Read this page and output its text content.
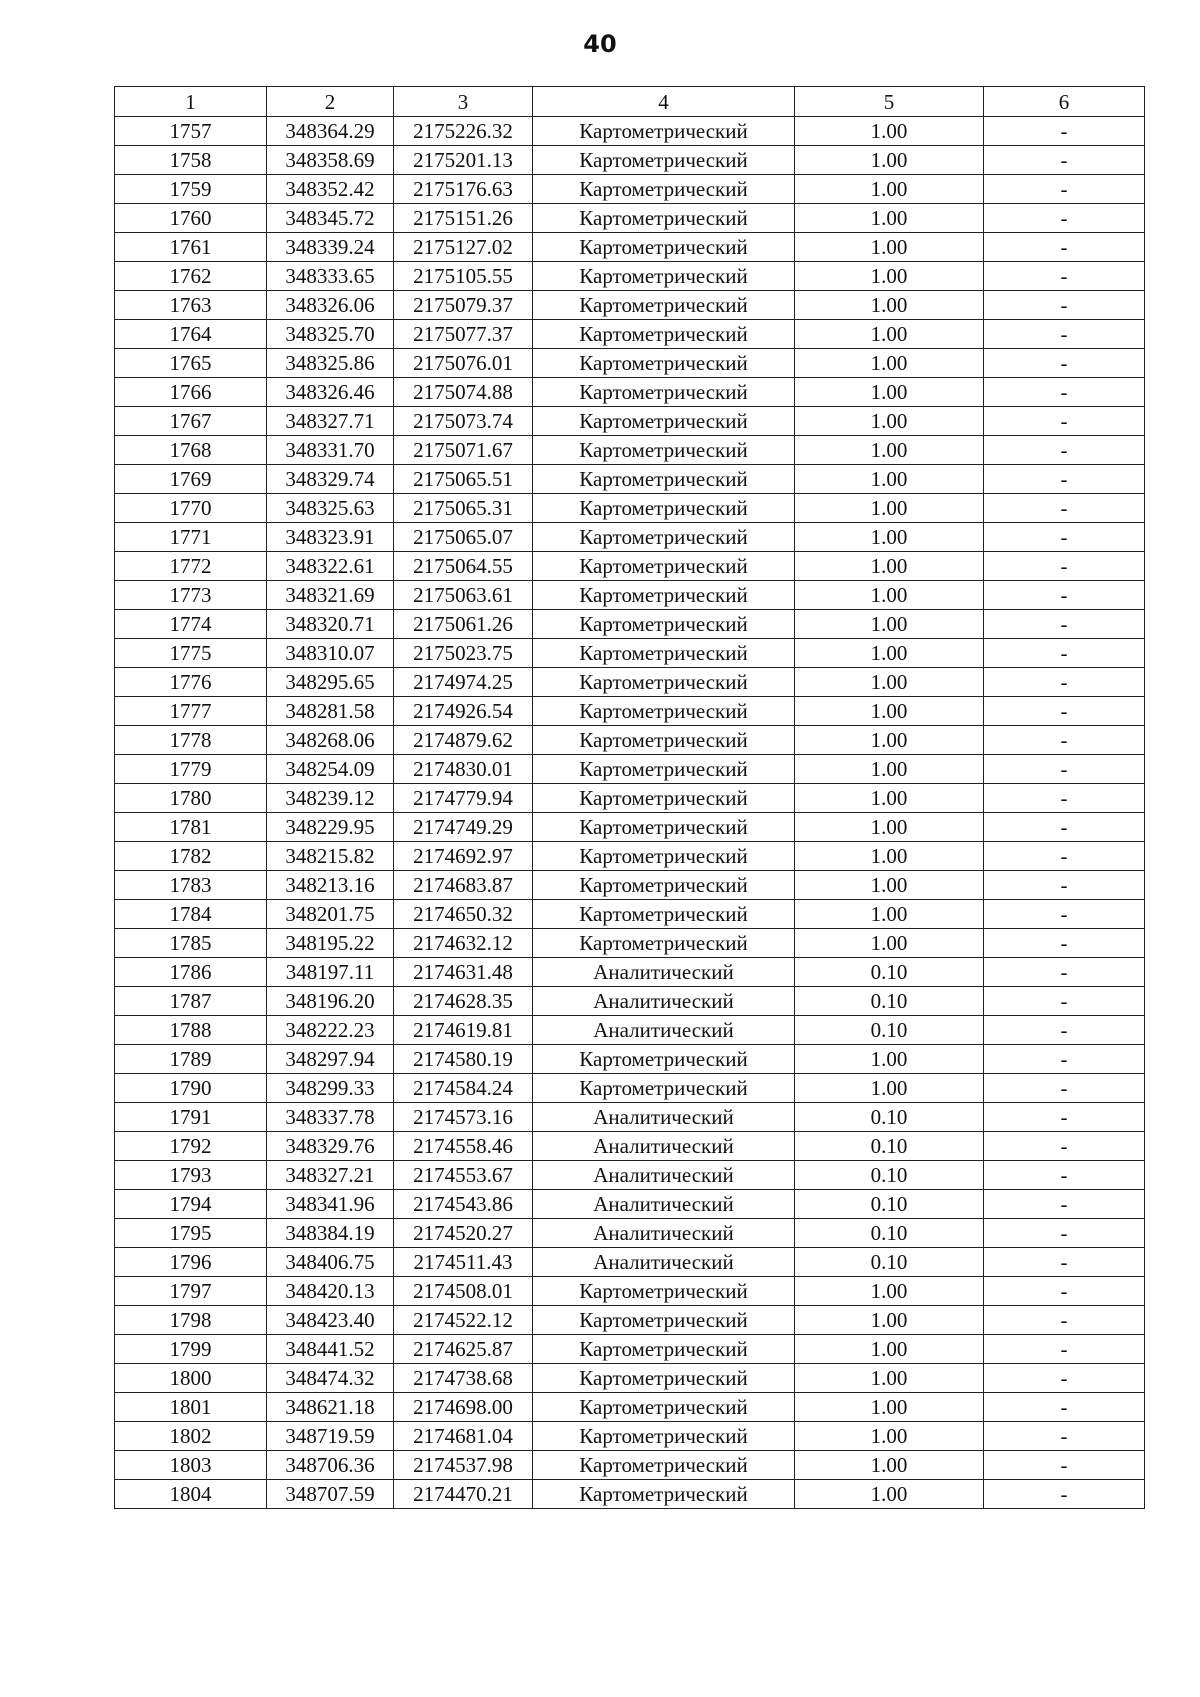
40
1	2	3	4	5	6
1757	348364.29	2175226.32	Картометрический	1.00	-
1758	348358.69	2175201.13	Картометрический	1.00	-
1759	348352.42	2175176.63	Картометрический	1.00	-
1760	348345.72	2175151.26	Картометрический	1.00	-
1761	348339.24	2175127.02	Картометрический	1.00	-
1762	348333.65	2175105.55	Картометрический	1.00	-
1763	348326.06	2175079.37	Картометрический	1.00	-
1764	348325.70	2175077.37	Картометрический	1.00	-
1765	348325.86	2175076.01	Картометрический	1.00	-
1766	348326.46	2175074.88	Картометрический	1.00	-
1767	348327.71	2175073.74	Картометрический	1.00	-
1768	348331.70	2175071.67	Картометрический	1.00	-
1769	348329.74	2175065.51	Картометрический	1.00	-
1770	348325.63	2175065.31	Картометрический	1.00	-
1771	348323.91	2175065.07	Картометрический	1.00	-
1772	348322.61	2175064.55	Картометрический	1.00	-
1773	348321.69	2175063.61	Картометрический	1.00	-
1774	348320.71	2175061.26	Картометрический	1.00	-
1775	348310.07	2175023.75	Картометрический	1.00	-
1776	348295.65	2174974.25	Картометрический	1.00	-
1777	348281.58	2174926.54	Картометрический	1.00	-
1778	348268.06	2174879.62	Картометрический	1.00	-
1779	348254.09	2174830.01	Картометрический	1.00	-
1780	348239.12	2174779.94	Картометрический	1.00	-
1781	348229.95	2174749.29	Картометрический	1.00	-
1782	348215.82	2174692.97	Картометрический	1.00	-
1783	348213.16	2174683.87	Картометрический	1.00	-
1784	348201.75	2174650.32	Картометрический	1.00	-
1785	348195.22	2174632.12	Картометрический	1.00	-
1786	348197.11	2174631.48	Аналитический	0.10	-
1787	348196.20	2174628.35	Аналитический	0.10	-
1788	348222.23	2174619.81	Аналитический	0.10	-
1789	348297.94	2174580.19	Картометрический	1.00	-
1790	348299.33	2174584.24	Картометрический	1.00	-
1791	348337.78	2174573.16	Аналитический	0.10	-
1792	348329.76	2174558.46	Аналитический	0.10	-
1793	348327.21	2174553.67	Аналитический	0.10	-
1794	348341.96	2174543.86	Аналитический	0.10	-
1795	348384.19	2174520.27	Аналитический	0.10	-
1796	348406.75	2174511.43	Аналитический	0.10	-
1797	348420.13	2174508.01	Картометрический	1.00	-
1798	348423.40	2174522.12	Картометрический	1.00	-
1799	348441.52	2174625.87	Картометрический	1.00	-
1800	348474.32	2174738.68	Картометрический	1.00	-
1801	348621.18	2174698.00	Картометрический	1.00	-
1802	348719.59	2174681.04	Картометрический	1.00	-
1803	348706.36	2174537.98	Картометрический	1.00	-
1804	348707.59	2174470.21	Картометрический	1.00	-
